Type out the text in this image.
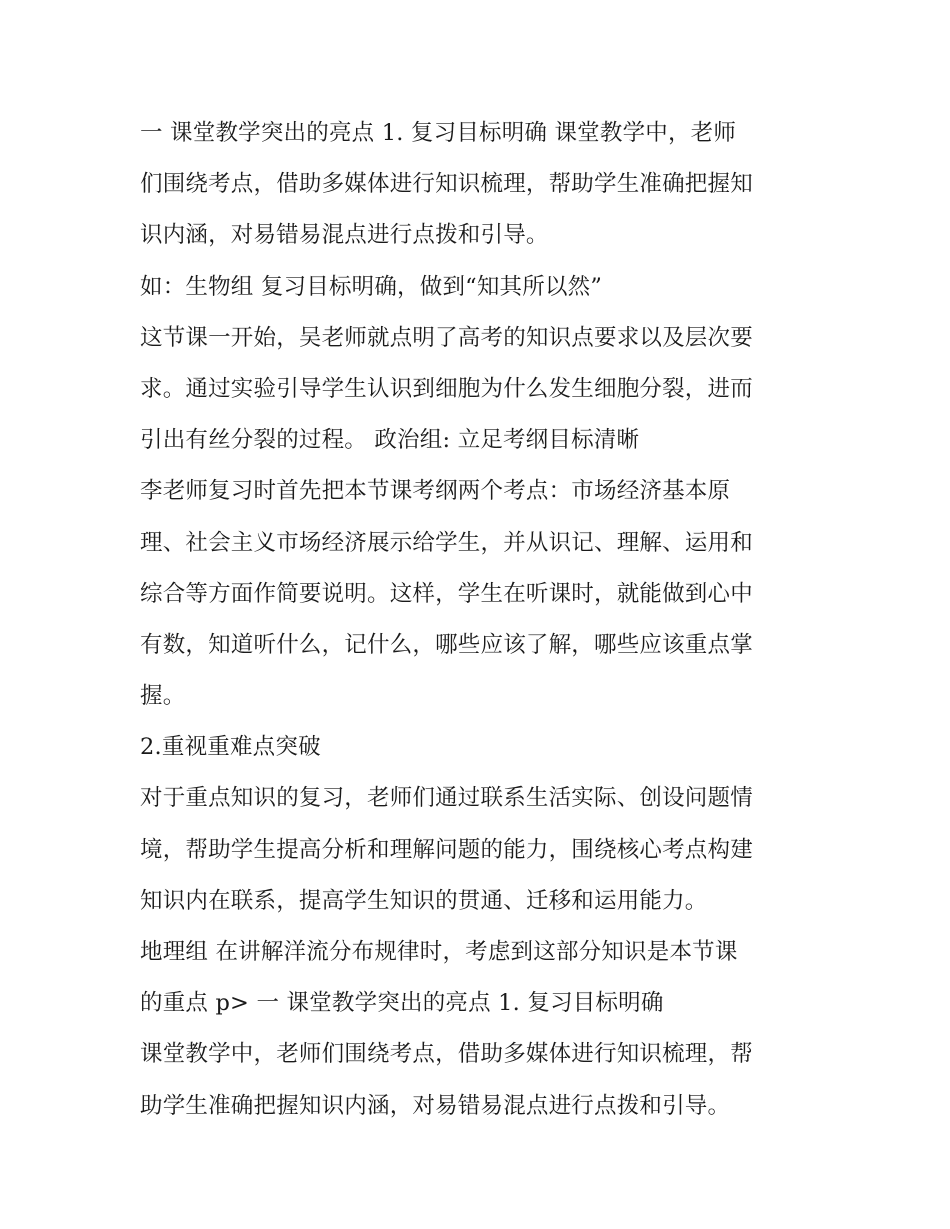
一 课堂教学突出的亮点 1. 复习目标明确 课堂教学中，老师
们围绕考点，借助多媒体进行知识梳理，帮助学生准确把握知
识内涵，对易错易混点进行点拨和引导。
如：生物组 复习目标明确，做到“知其所以然”
这节课一开始，吴老师就点明了高考的知识点要求以及层次要
求。通过实验引导学生认识到细胞为什么发生细胞分裂，进而
引出有丝分裂的过程。 政治组: 立足考纲目标清晰
李老师复习时首先把本节课考纲两个考点：市场经济基本原
理、社会主义市场经济展示给学生，并从识记、理解、运用和
综合等方面作简要说明。这样，学生在听课时，就能做到心中
有数，知道听什么，记什么，哪些应该了解，哪些应该重点掌
握。
2.重视重难点突破
对于重点知识的复习，老师们通过联系生活实际、创设问题情
境，帮助学生提高分析和理解问题的能力，围绕核心考点构建
知识内在联系，提高学生知识的贯通、迁移和运用能力。
地理组 在讲解洋流分布规律时，考虑到这部分知识是本节课
的重点 p> 一 课堂教学突出的亮点 1. 复习目标明确
课堂教学中，老师们围绕考点，借助多媒体进行知识梳理，帮
助学生准确把握知识内涵，对易错易混点进行点拨和引导。
